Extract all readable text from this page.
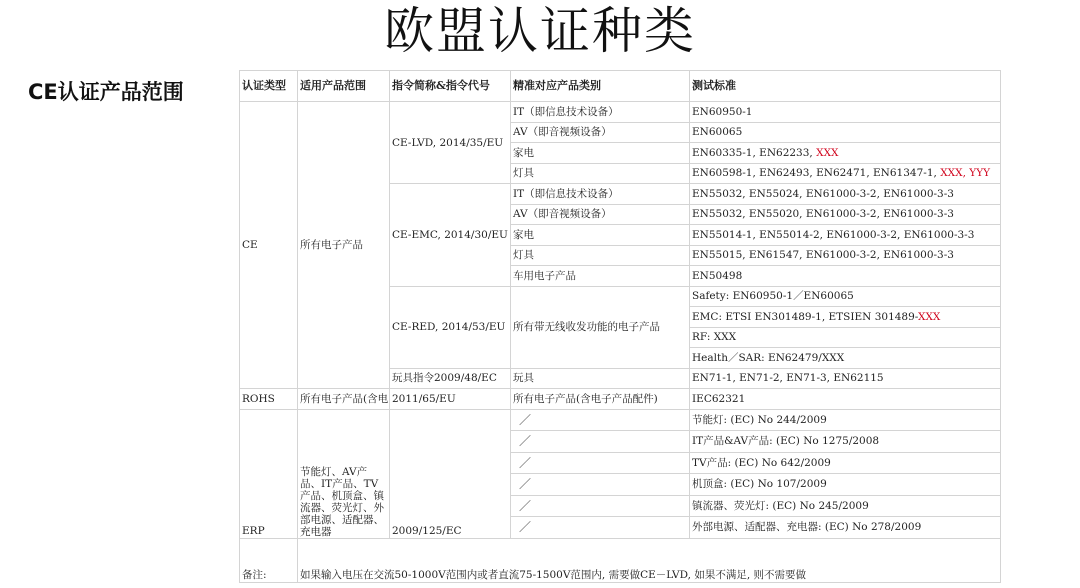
欧盟认证种类
CE认证产品范围	认证类型	适用产品范围	指令简称&指令代号	精准对应产品类别	测试标准
CE	所有电子产品	CE-LVD, 2014/35/EU	IT（即信息技术设备）	EN60950-1
			AV（即音视频设备）	EN60065
			家电	EN60335-1, EN62233, XXX
			灯具	EN60598-1, EN62493, EN62471, EN61347-1, XXX, YYY
		CE-EMC, 2014/30/EU	IT（即信息技术设备）	EN55032, EN55024, EN61000-3-2, EN61000-3-3
			AV（即音视频设备）	EN55032, EN55020, EN61000-3-2, EN61000-3-3
			家电	EN55014-1, EN55014-2, EN61000-3-2, EN61000-3-3
			灯具	EN55015, EN61547, EN61000-3-2, EN61000-3-3
			车用电子产品	EN50498
		CE-RED, 2014/53/EU	所有带无线收发功能的电子产品	Safety: EN60950-1／EN60065
				EMC: ETSI EN301489-1, ETSIEN 301489-XXX
				RF: XXX
				Health／SAR: EN62479/XXX
		玩具指令2009/48/EC	玩具	EN71-1, EN71-2, EN71-3, EN62115
ROHS	所有电子产品(含电	2011/65/EU	所有电子产品(含电子产品配件)	IEC62321
ERP	节能灯、AV产品、IT产品、TV产品、机顶盒、镇流器、荧光灯、外部电源、适配器、充电器	2009/125/EC	／	节能灯: (EC) No 244/2009
			／	IT产品&AV产品: (EC) No 1275/2008
			／	TV产品: (EC) No 642/2009
			／	机顶盒: (EC) No 107/2009
			／	镇流器、荧光灯: (EC) No 245/2009
			／	外部电源、适配器、充电器: (EC) No 278/2009
备注:	如果输入电压在交流50-1000V范围内或者直流75-1500V范围内, 需要做CE－LVD, 如果不满足, 则不需要做			
